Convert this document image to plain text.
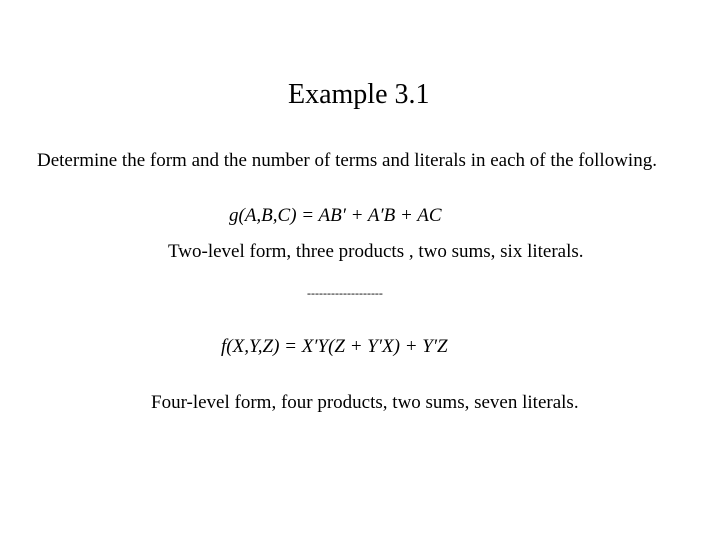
Example 3.1
Determine the form and the number of terms and literals in each of the following.
g(A,B,C) = AB′ + A′B + AC
Two-level form, three products , two sums, six literals.
-------------------
f(X,Y,Z) = X′Y(Z + Y′X) + Y′Z
Four-level form, four products, two sums, seven literals.
